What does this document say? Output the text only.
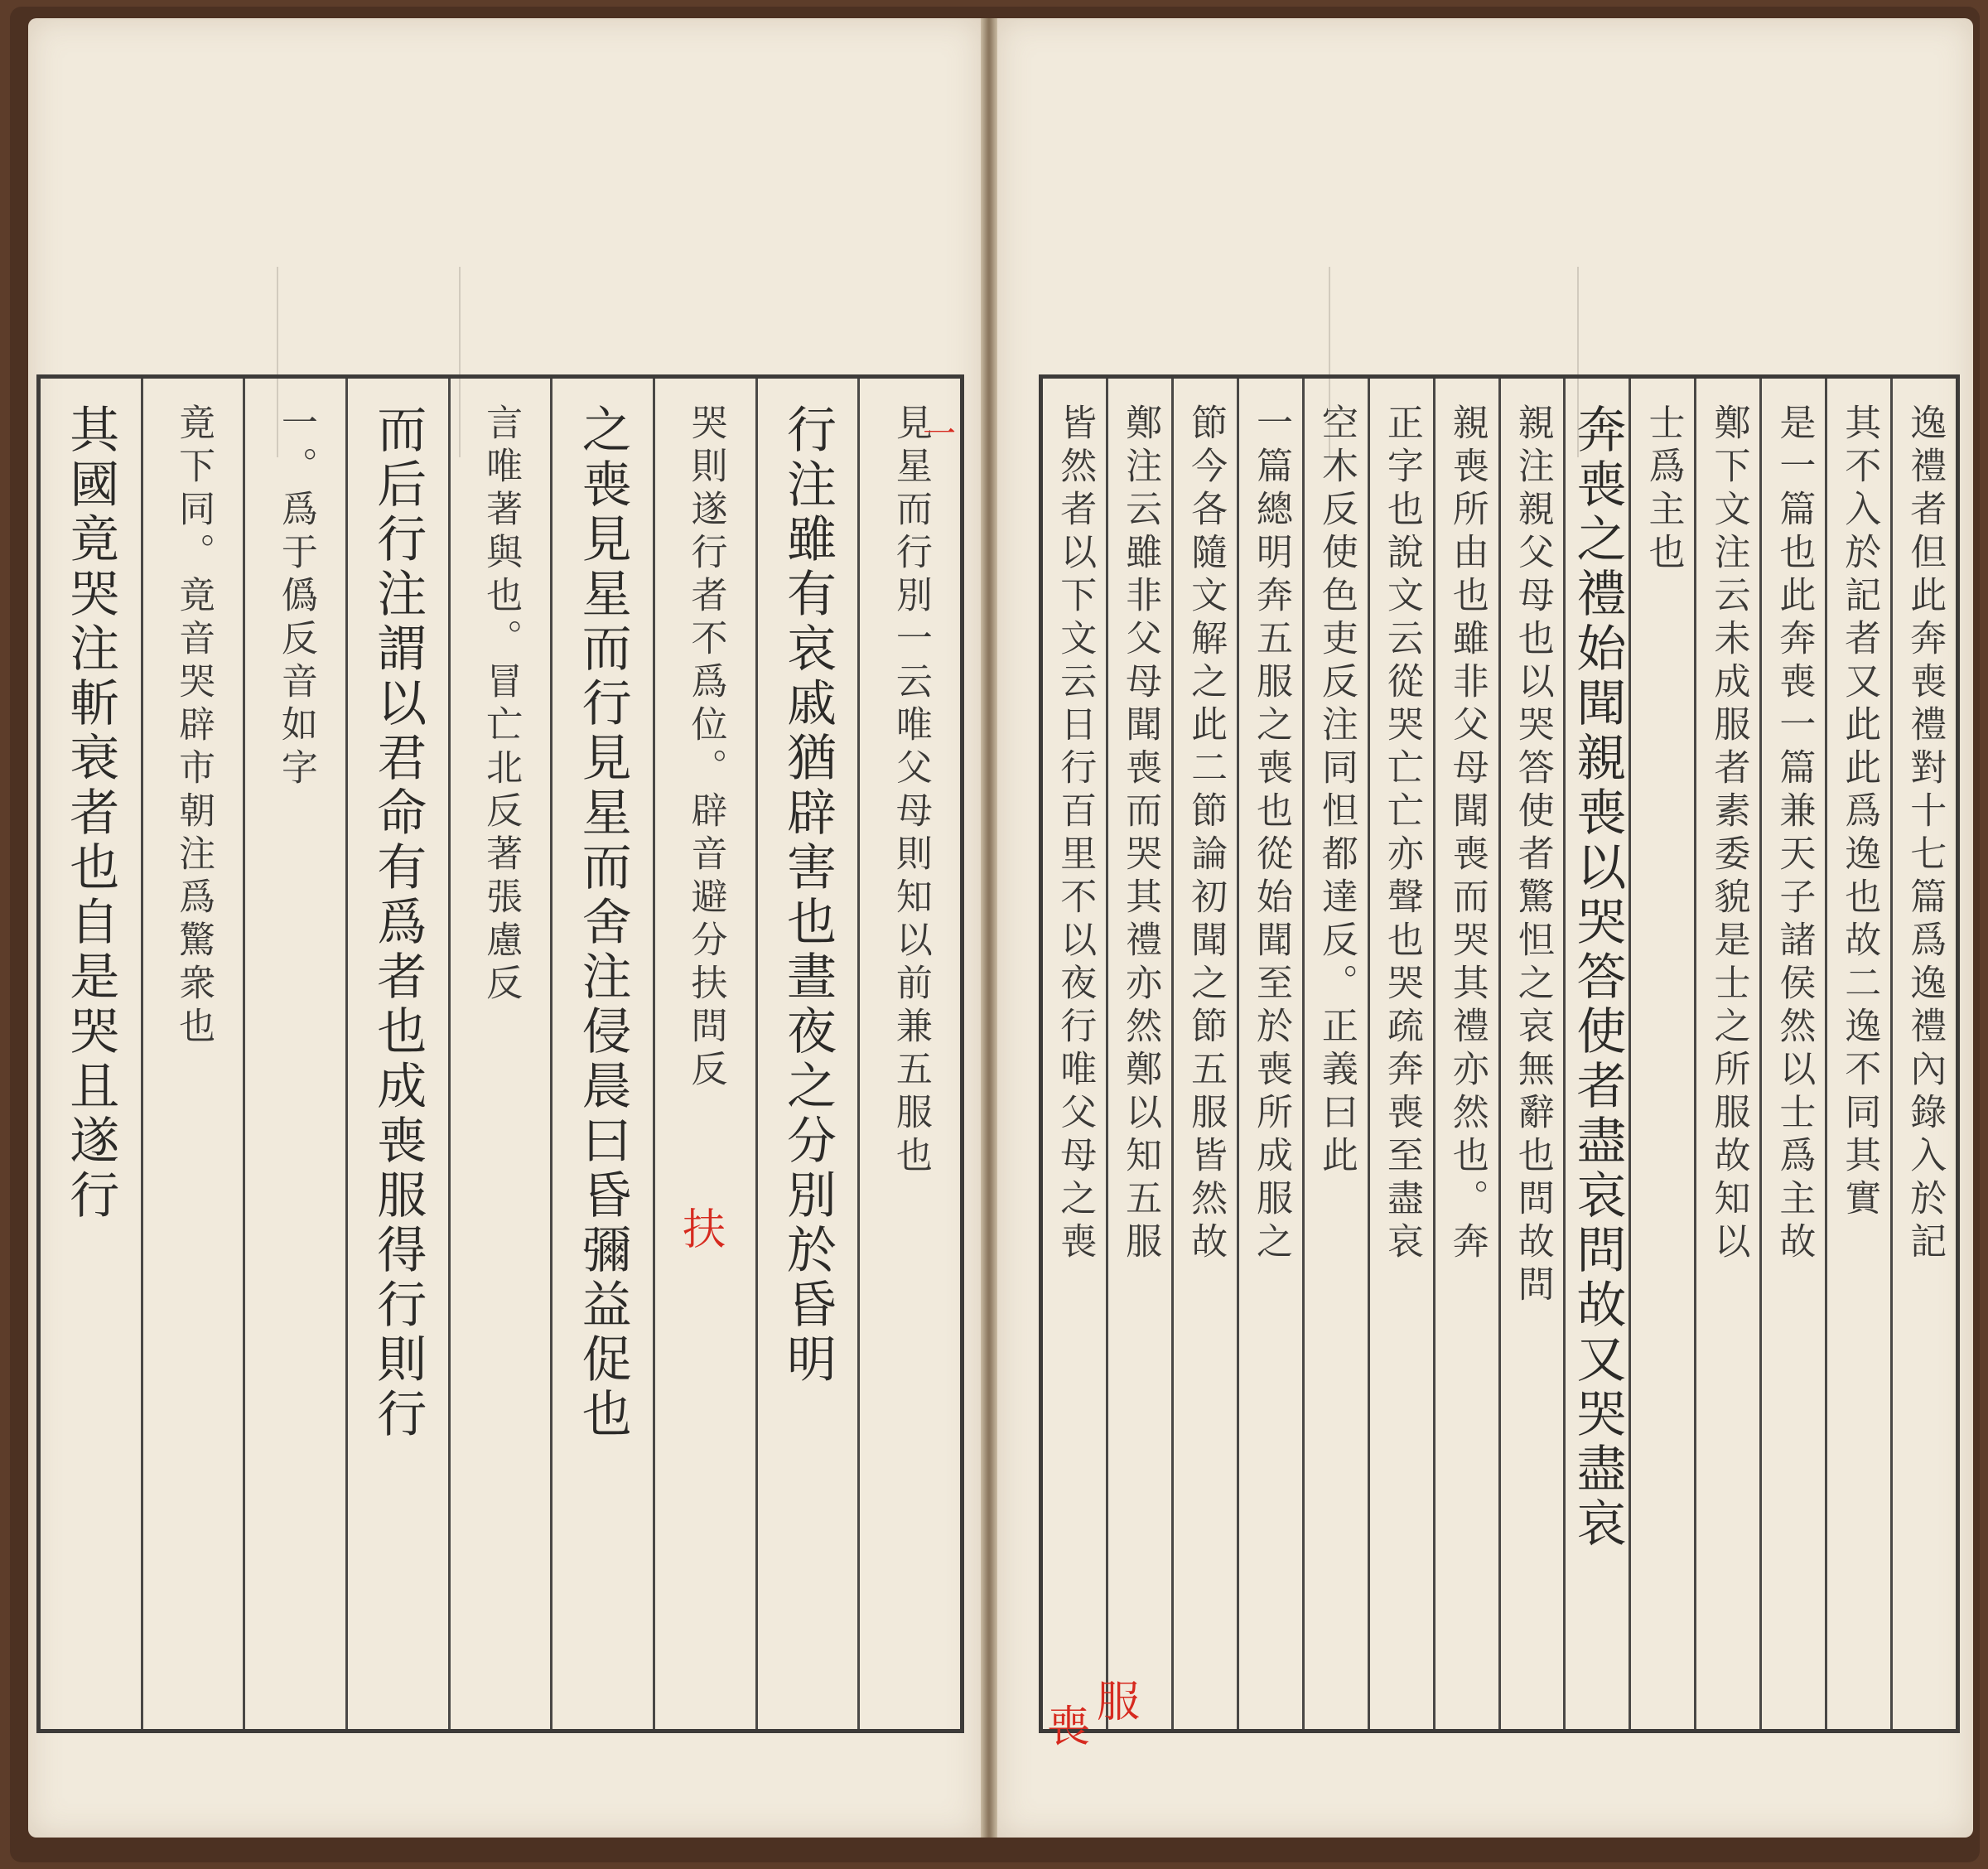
見星而行別一云唯父母則知以前兼五服也
行注雖有哀戚猶辟害也晝夜之分別於昏明
哭則遂行者不爲位。辟音避分扶問反
之喪見星而行見星而舍注侵晨曰昏彌益促也
言唯著與也。冒亡北反著張慮反
而后行注謂以君命有爲者也成喪服得行則行
一。爲于僞反音如字
竟下同。竟音哭辟市朝注爲驚衆也
其國竟哭注斬衰者也自是哭且遂行
扶
一	逸禮者但此奔喪禮對十七篇爲逸禮內錄入於記
其不入於記者又此此爲逸也故二逸不同其實
是一篇也此奔喪一篇兼天子諸侯然以士爲主故
鄭下文注云未成服者素委貌是士之所服故知以
士爲主也
奔喪之禮始聞親喪以哭答使者盡哀問故又哭盡哀
親注親父母也以哭答使者驚怛之哀無辭也問故問
親喪所由也雖非父母聞喪而哭其禮亦然也。奔
正字也說文云從哭亡亡亦聲也哭疏奔喪至盡哀
空木反使色吏反注同怛都達反。正義曰此
一篇總明奔五服之喪也從始聞至於喪所成服之
節今各隨文解之此二節論初聞之節五服皆然故
鄭注云雖非父母聞喪而哭其禮亦然鄭以知五服
皆然者以下文云日行百里不以夜行唯父母之喪
服
喪
